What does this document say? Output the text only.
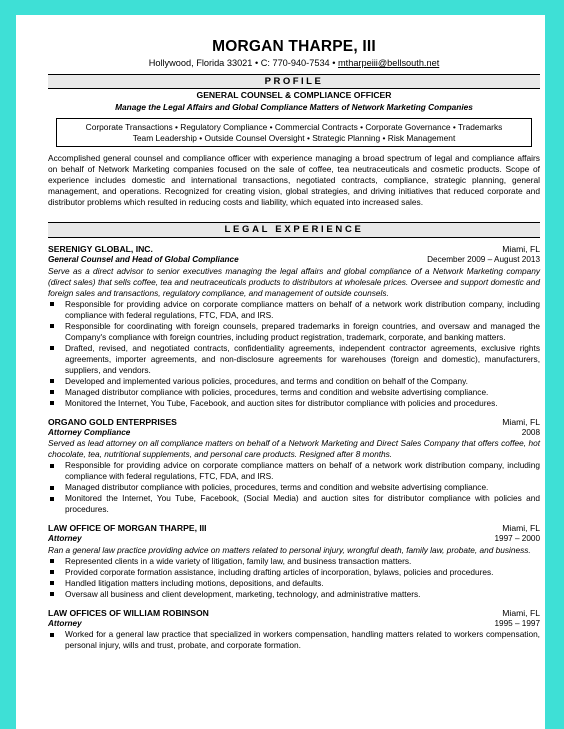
MORGAN THARPE, III
Hollywood, Florida 33021 • C: 770-940-7534 • mtharpeiii@bellsouth.net
PROFILE
GENERAL COUNSEL & COMPLIANCE OFFICER
Manage the Legal Affairs and Global Compliance Matters of Network Marketing Companies
Corporate Transactions • Regulatory Compliance • Commercial Contracts • Corporate Governance • Trademarks
Team Leadership • Outside Counsel Oversight • Strategic Planning • Risk Management
Accomplished general counsel and compliance officer with experience managing a broad spectrum of legal and compliance affairs on behalf of Network Marketing companies focused on the sale of coffee, tea neutraceuticals and cosmetic products. Scope of experience includes domestic and international transactions, negotiated contracts, compliance, strategic planning, general management, and operations. Recognized for creating vision, global strategies, and driving initiatives that reduced corporate and distributor problems which resulted in reducing costs and liability, which equated into increased sales.
LEGAL EXPERIENCE
SERENIGY GLOBAL, INC.	Miami, FL
General Counsel and Head of Global Compliance	December 2009 – August 2013
Serve as a direct advisor to senior executives managing the legal affairs and global compliance of a Network Marketing company (direct sales) that sells coffee, tea and neutraceuticals products to distributors at wholesale prices. Oversee and support domestic and foreign sales and transactions, regulatory compliance, and management of outside counsels.
Responsible for providing advice on corporate compliance matters on behalf of a network work distribution company, including compliance with federal regulations, FTC, FDA, and IRS.
Responsible for coordinating with foreign counsels, prepared trademarks in foreign countries, and oversaw and managed the Company's compliance with foreign countries, including product registration, trademark, corporate, and banking matters.
Drafted, revised, and negotiated contracts, confidentiality agreements, independent contractor agreements, exclusive rights agreements, importer agreements, and non-disclosure agreements for warehouses (foreign and domestic), manufacturers, suppliers, and vendors.
Developed and implemented various policies, procedures, and terms and condition on behalf of the Company.
Managed distributor compliance with policies, procedures, terms and condition and website advertising compliance.
Monitored the Internet, You Tube, Facebook, and auction sites for distributor compliance with policies and procedures.
ORGANO GOLD ENTERPRISES	Miami, FL
Attorney Compliance	2008
Served as lead attorney on all compliance matters on behalf of a Network Marketing and Direct Sales Company that offers coffee, hot chocolate, tea, nutritional supplements, and personal care products. Resigned after 8 months.
Responsible for providing advice on corporate compliance matters on behalf of a network work distribution company, including compliance with federal regulations, FTC, FDA, and IRS.
Managed distributor compliance with policies, procedures, terms and condition and website advertising compliance.
Monitored the Internet, You Tube, Facebook, (Social Media) and auction sites for distributor compliance with policies and procedures.
LAW OFFICE OF MORGAN THARPE, III	Miami, FL
Attorney	1997 – 2000
Ran a general law practice providing advice on matters related to personal injury, wrongful death, family law, probate, and business.
Represented clients in a wide variety of litigation, family law, and business transaction matters.
Provided corporate formation assistance, including drafting articles of incorporation, bylaws, policies and procedures.
Handled litigation matters including motions, depositions, and defaults.
Oversaw all business and client development, marketing, technology, and administrative matters.
LAW OFFICES OF WILLIAM ROBINSON	Miami, FL
Attorney	1995 – 1997
Worked for a general law practice that specialized in workers compensation, handling matters related to workers compensation, personal injury, wills and trust, probate, and corporate formation.
